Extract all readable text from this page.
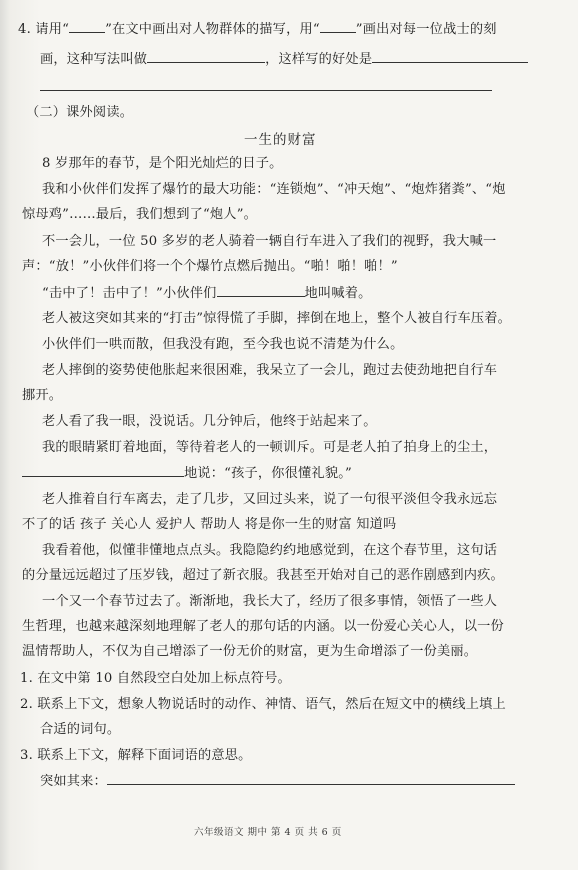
4. 请用“	”在文中画出对人物群体的描写，用“	”画出对每一位战士的刻
画，这种写法叫做	，这样写的好处是
（二）课外阅读。
一生的财富
8 岁那年的春节，是个阳光灿烂的日子。
我和小伙伴们发挥了爆竹的最大功能：“连锁炮”、“冲天炮”、“炮炸猪粪”、“炮
惊母鸡”……最后，我们想到了“炮人”。
不一会儿，一位 50 多岁的老人骑着一辆自行车进入了我们的视野，我大喊一
声：“放！”小伙伴们将一个个爆竹点燃后抛出。“啪！啪！啪！”
“击中了！击中了！”小伙伴们	地叫喊着。
老人被这突如其来的“打击”惊得慌了手脚，摔倒在地上，整个人被自行车压着。
小伙伴们一哄而散，但我没有跑，至今我也说不清楚为什么。
老人摔倒的姿势使他胀起来很困难，我呆立了一会儿，跑过去使劲地把自行车
挪开。
老人看了我一眼，没说话。几分钟后，他终于站起来了。
我的眼睛紧盯着地面，等待着老人的一顿训斥。可是老人拍了拍身上的尘土，
地说：“孩子，你很懂礼貌。”
老人推着自行车离去，走了几步，又回过头来，说了一句很平淡但令我永远忘
不了的话 孩子 关心人 爱护人 帮助人 将是你一生的财富 知道吗
我看着他，似懂非懂地点点头。我隐隐约约地感觉到，在这个春节里，这句话
的分量远远超过了压岁钱，超过了新衣服。我甚至开始对自己的恶作剧感到内疚。
一个又一个春节过去了。渐渐地，我长大了，经历了很多事情，领悟了一些人
生哲理，也越来越深刻地理解了老人的那句话的内涵。以一份爱心关心人，以一份
温情帮助人，不仅为自己增添了一份无价的财富，更为生命增添了一份美丽。
1. 在文中第 10 自然段空白处加上标点符号。
2. 联系上下文，想象人物说话时的动作、神情、语气，然后在短文中的横线上填上
合适的词句。
3. 联系上下文，解释下面词语的意思。
突如其来：
六年级语文 期中 第 4 页 共 6 页
